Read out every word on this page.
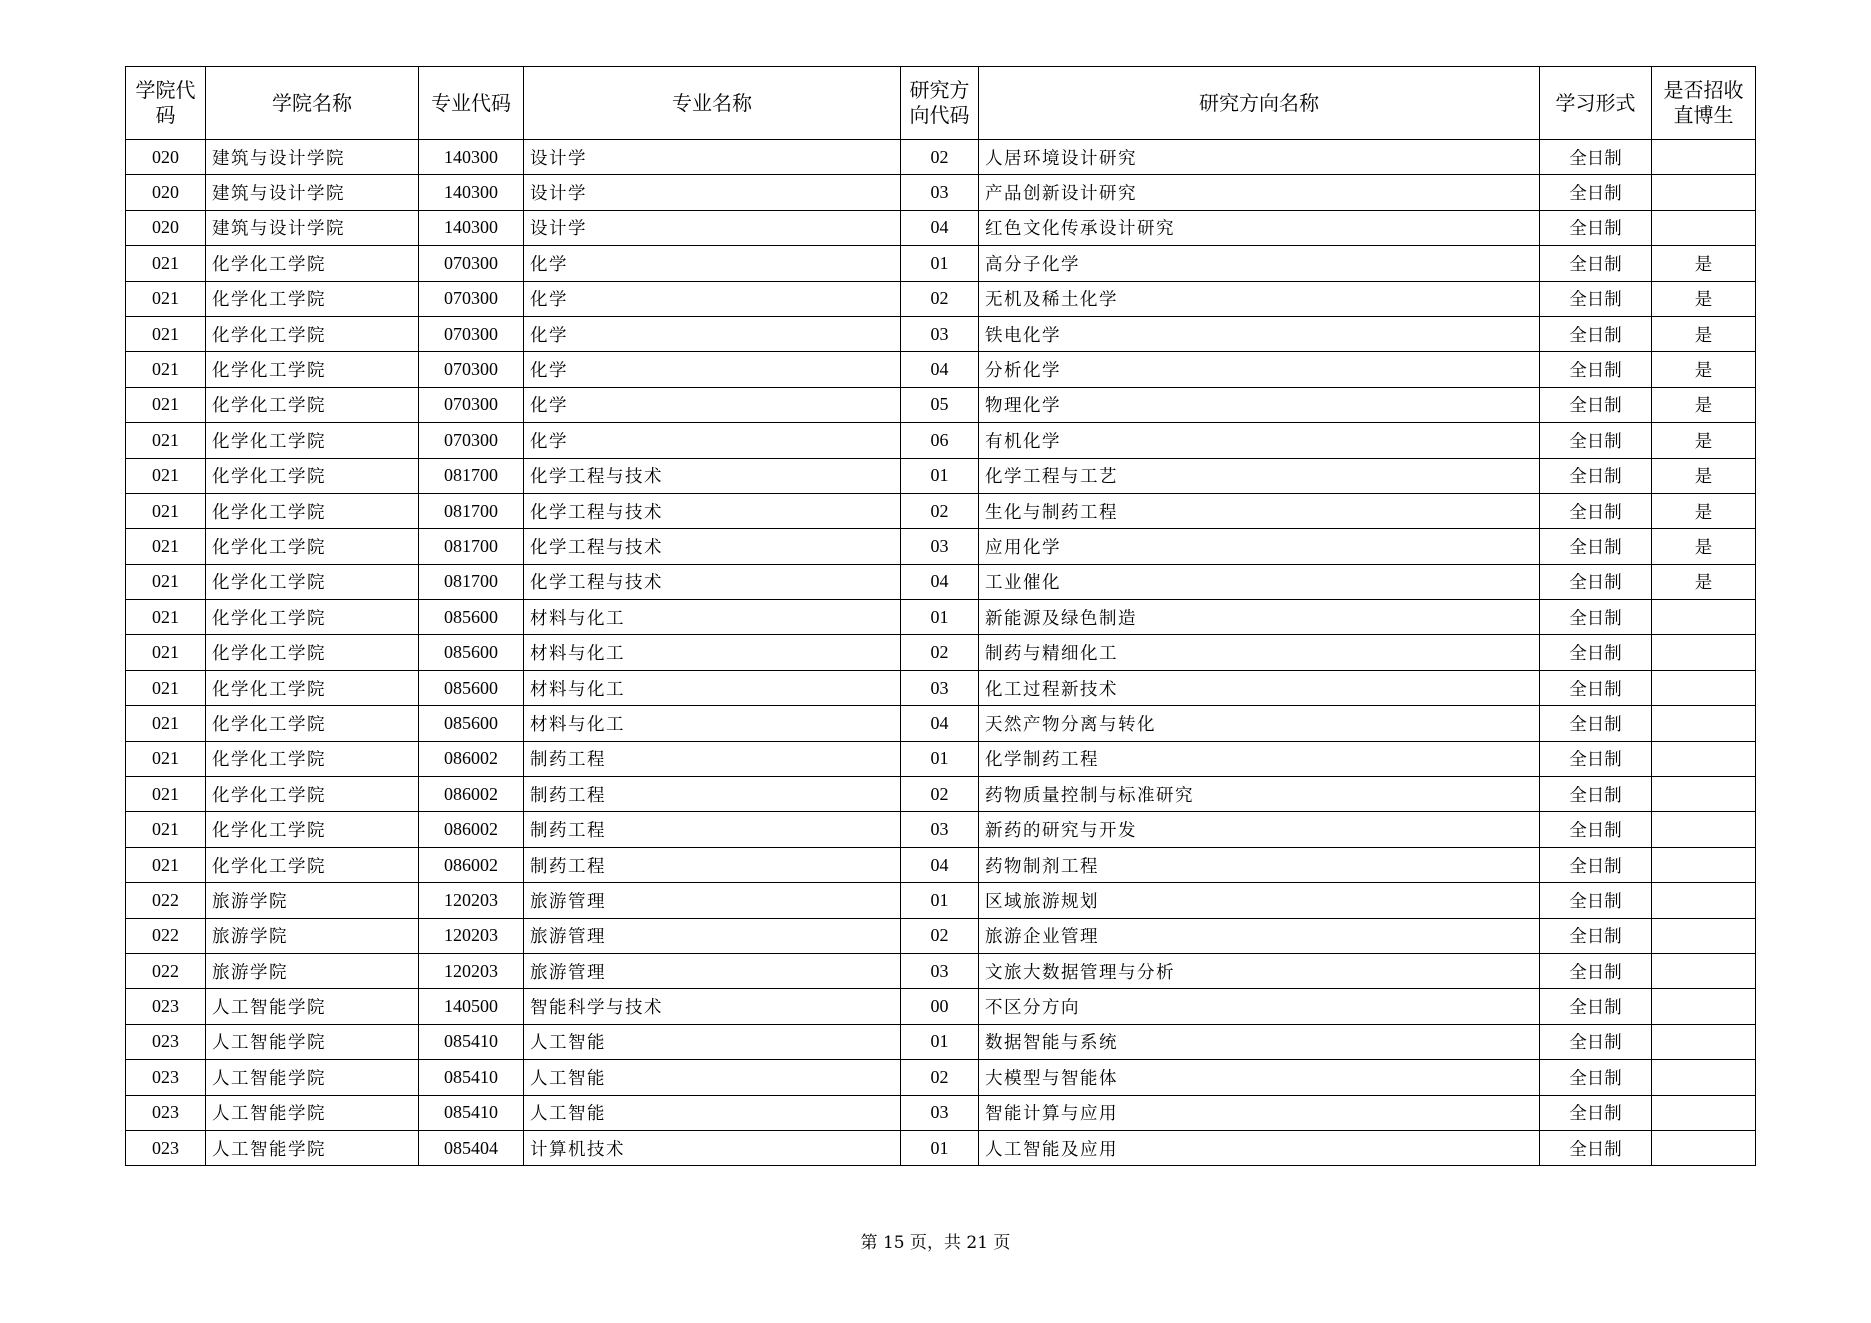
学院代码	学院名称	专业代码	专业名称	研究方向代码	研究方向名称	学习形式	是否招收直博生
020	建筑与设计学院	140300	设计学	02	人居环境设计研究	全日制	
020	建筑与设计学院	140300	设计学	03	产品创新设计研究	全日制	
020	建筑与设计学院	140300	设计学	04	红色文化传承设计研究	全日制	
021	化学化工学院	070300	化学	01	高分子化学	全日制	是
021	化学化工学院	070300	化学	02	无机及稀土化学	全日制	是
021	化学化工学院	070300	化学	03	铁电化学	全日制	是
021	化学化工学院	070300	化学	04	分析化学	全日制	是
021	化学化工学院	070300	化学	05	物理化学	全日制	是
021	化学化工学院	070300	化学	06	有机化学	全日制	是
021	化学化工学院	081700	化学工程与技术	01	化学工程与工艺	全日制	是
021	化学化工学院	081700	化学工程与技术	02	生化与制药工程	全日制	是
021	化学化工学院	081700	化学工程与技术	03	应用化学	全日制	是
021	化学化工学院	081700	化学工程与技术	04	工业催化	全日制	是
021	化学化工学院	085600	材料与化工	01	新能源及绿色制造	全日制	
021	化学化工学院	085600	材料与化工	02	制药与精细化工	全日制	
021	化学化工学院	085600	材料与化工	03	化工过程新技术	全日制	
021	化学化工学院	085600	材料与化工	04	天然产物分离与转化	全日制	
021	化学化工学院	086002	制药工程	01	化学制药工程	全日制	
021	化学化工学院	086002	制药工程	02	药物质量控制与标准研究	全日制	
021	化学化工学院	086002	制药工程	03	新药的研究与开发	全日制	
021	化学化工学院	086002	制药工程	04	药物制剂工程	全日制	
022	旅游学院	120203	旅游管理	01	区域旅游规划	全日制	
022	旅游学院	120203	旅游管理	02	旅游企业管理	全日制	
022	旅游学院	120203	旅游管理	03	文旅大数据管理与分析	全日制	
023	人工智能学院	140500	智能科学与技术	00	不区分方向	全日制	
023	人工智能学院	085410	人工智能	01	数据智能与系统	全日制	
023	人工智能学院	085410	人工智能	02	大模型与智能体	全日制	
023	人工智能学院	085410	人工智能	03	智能计算与应用	全日制	
023	人工智能学院	085404	计算机技术	01	人工智能及应用	全日制	
第 15 页，共 21 页
